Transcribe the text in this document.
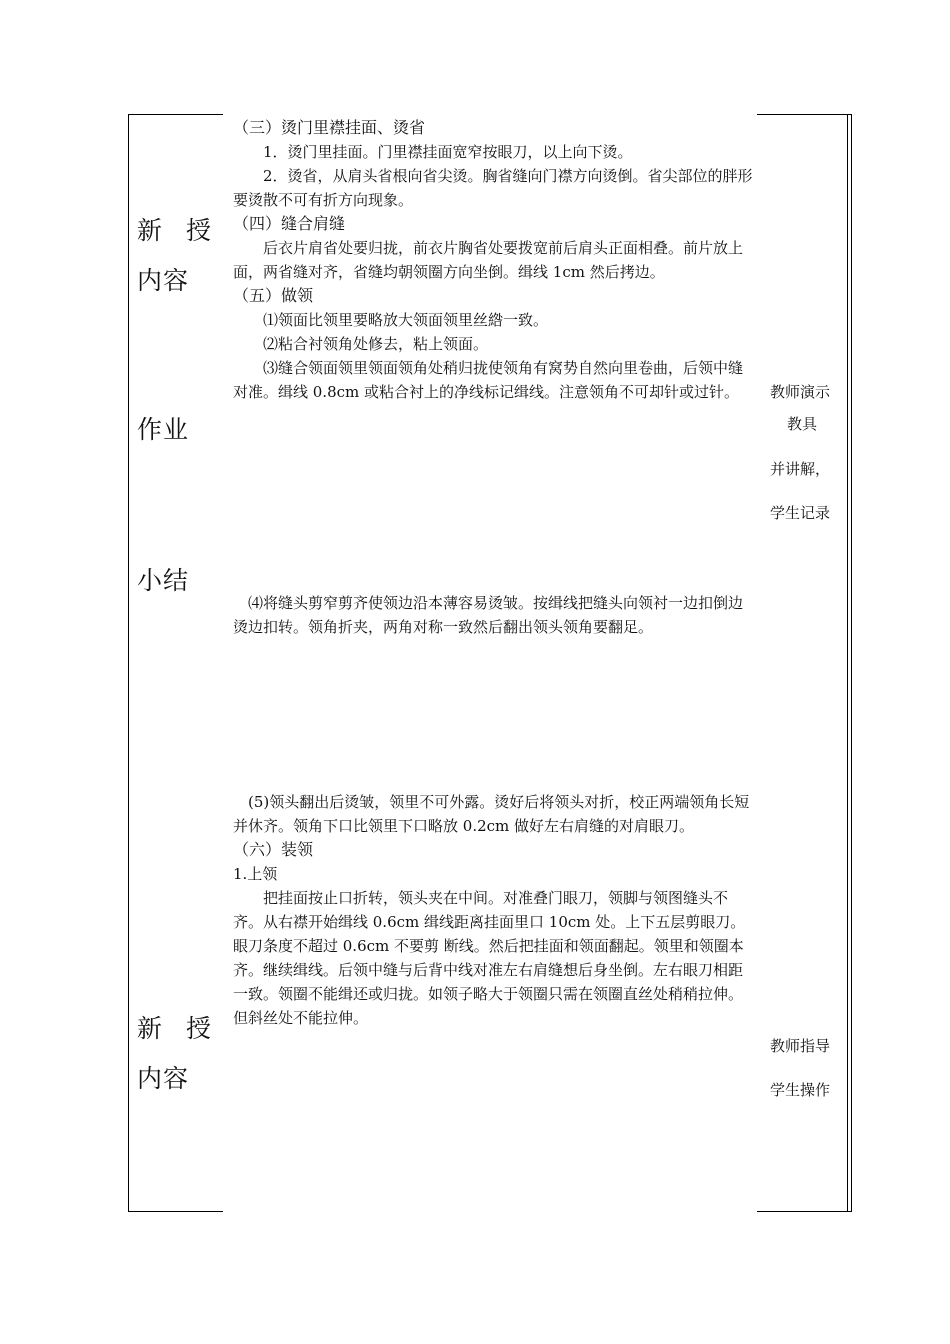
新 授
内容
作业
小结
新 授
内容
教师演示
教具
并讲解，
学生记录
教师指导
学生操作

（三）烫门里襟挂面、烫省

1．烫门里挂面。门里襟挂面宽窄按眼刀，以上向下烫。

2．烫省，从肩头省根向省尖烫。胸省缝向门襟方向烫倒。省尖部位的胖形要烫散不可有折方向现象。

（四）缝合肩缝

后衣片肩省处要归拢，前衣片胸省处要拨宽前后肩头正面相叠。前片放上面，两省缝对齐，省缝均朝领圈方向坐倒。缉线 1cm 然后拷边。

（五）做领

⑴领面比领里要略放大领面领里丝綹一致。

⑵粘合衬领角处修去，粘上领面。

⑶缝合领面领里领面领角处稍归拢使领角有窝势自然向里卷曲，后领中缝对准。缉线 0.8cm 或粘合衬上的净线标记缉线。注意领角不可却针或过针。

⑷将缝头剪窄剪齐使领边沿本薄容易烫皱。按缉线把缝头向领衬一边扣倒边烫边扣转。领角折夹，两角对称一致然后翻出领头领角要翻足。

(5)领头翻出后烫皱，领里不可外露。烫好后将领头对折，校正两端领角长短并休齐。领角下口比领里下口略放 0.2cm 做好左右肩缝的对肩眼刀。

（六）装领

1.上领

把挂面按止口折转，领头夹在中间。对准叠门眼刀，领脚与领图缝头不齐。从右襟开始缉线 0.6cm 缉线距离挂面里口 10cm 处。上下五层剪眼刀。眼刀条度不超过 0.6cm 不要剪 断线。然后把挂面和领面翻起。领里和领圈本齐。继续缉线。后领中缝与后背中线对准左右肩缝想后身坐倒。左右眼刀相距一致。领圈不能缉还或归拢。如领子略大于领圈只需在领圈直丝处稍稍拉伸。但斜丝处不能拉伸。
